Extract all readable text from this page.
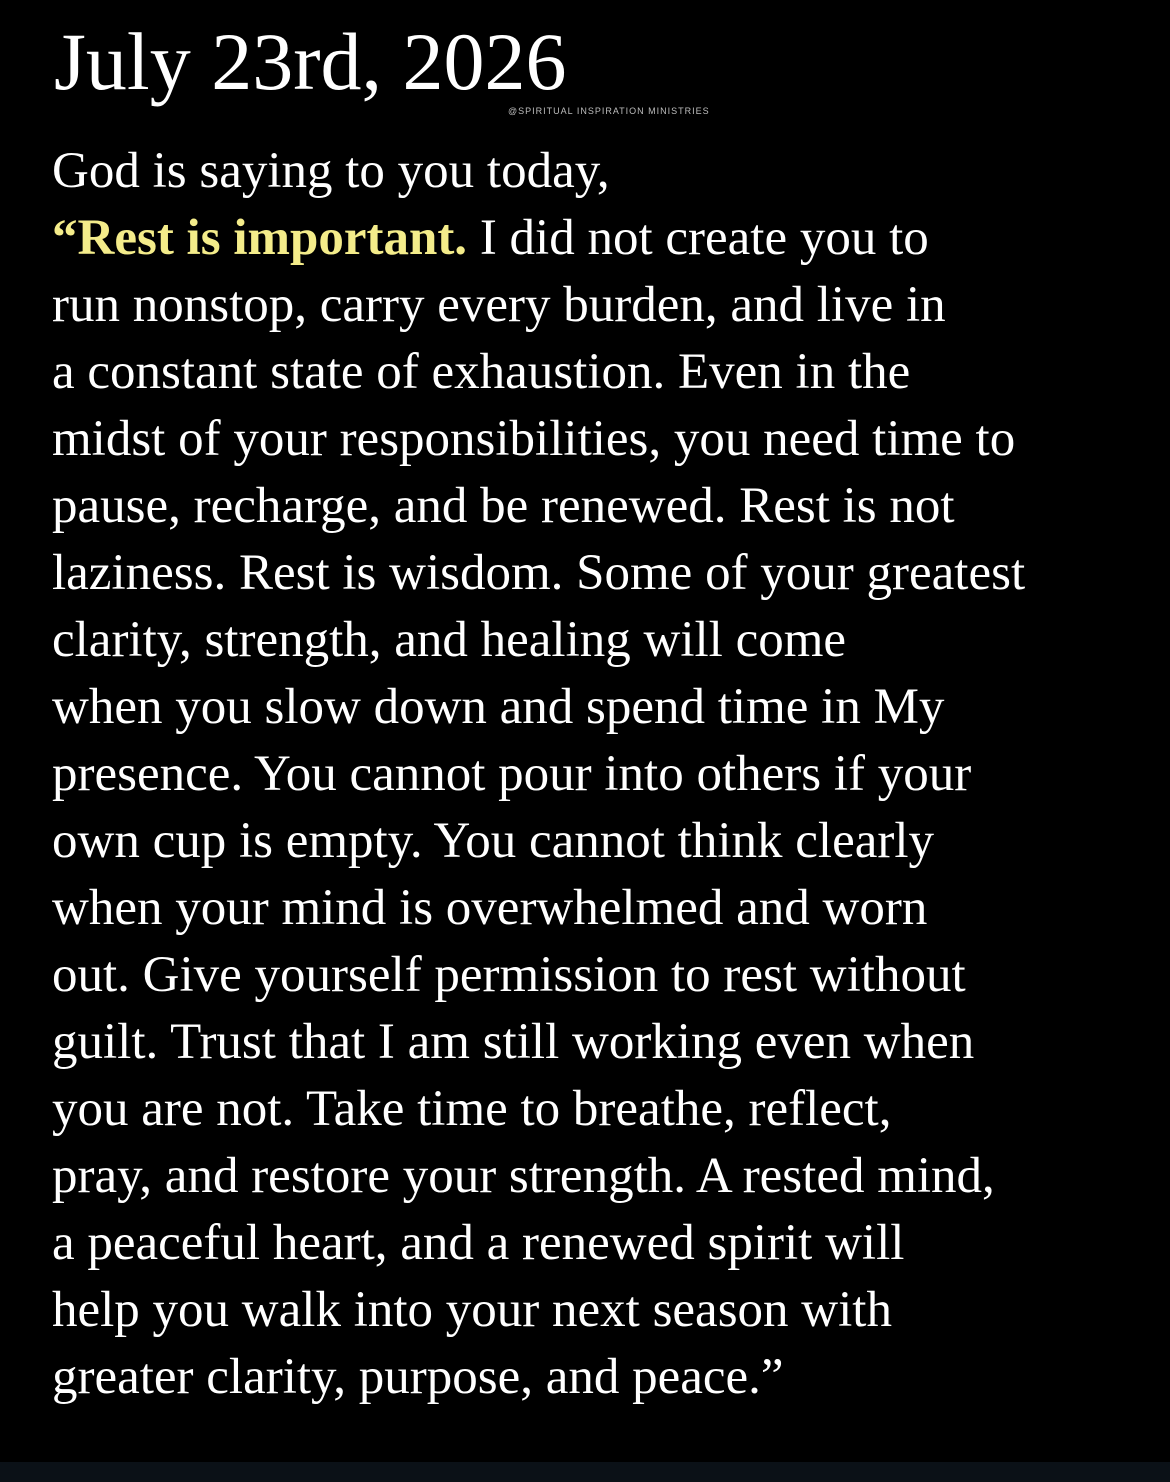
July 23rd, 2026
@SPIRITUAL INSPIRATION MINISTRIES
God is saying to you today,
“Rest is important. I did not create you to
run nonstop, carry every burden, and live in
a constant state of exhaustion. Even in the
midst of your responsibilities, you need time to
pause, recharge, and be renewed. Rest is not
laziness. Rest is wisdom. Some of your greatest
clarity, strength, and healing will come
when you slow down and spend time in My
presence. You cannot pour into others if your
own cup is empty. You cannot think clearly
when your mind is overwhelmed and worn
out. Give yourself permission to rest without
guilt. Trust that I am still working even when
you are not. Take time to breathe, reflect,
pray, and restore your strength. A rested mind,
a peaceful heart, and a renewed spirit will
help you walk into your next season with
greater clarity, purpose, and peace.”
